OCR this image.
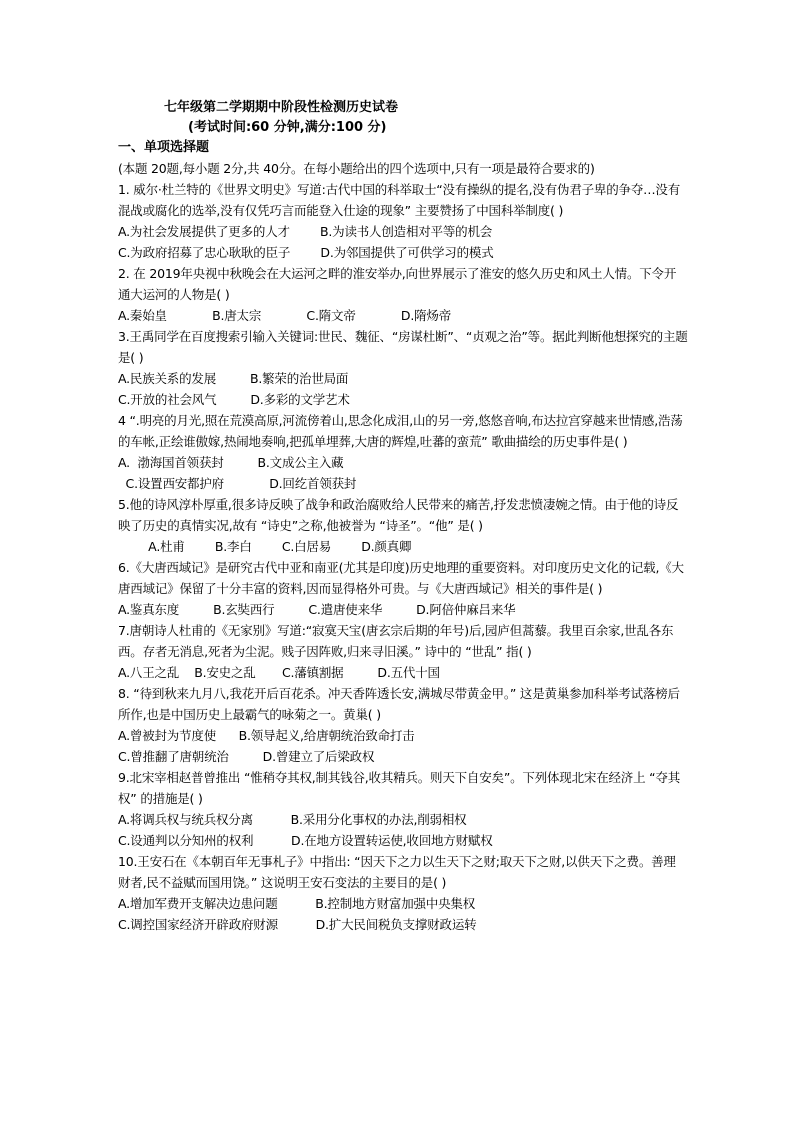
七年级第二学期期中阶段性检测历史试卷
(考试时间:60 分钟,满分:100 分)
一、单项选择题
(本题 20题,每小题 2分,共 40分。在每小题给出的四个选项中,只有一项是最符合要求的)
1. 威尔·杜兰特的《世界文明史》写道:古代中国的科举取士“没有操纵的提名,没有伪君子卑的争夺…没有混战或腐化的选举,没有仅凭巧言而能登入仕途的现象” 主要赞扬了中国科举制度( )
A.为社会发展提供了更多的人才        B.为读书人创造相对平等的机会
C.为政府招募了忠心耿耿的臣子        D.为邻国提供了可供学习的模式
2. 在 2019年央视中秋晚会在大运河之畔的淮安举办,向世界展示了淮安的悠久历史和风土人情。下令开通大运河的人物是( )
A.秦始皇            B.唐太宗            C.隋文帝            D.隋炀帝
3.王禹同学在百度搜索引输入关键词:世民、魏征、“房谋杜断”、“贞观之治”等。据此判断他想探究的主题是( )
A.民族关系的发展         B.繁荣的治世局面
C.开放的社会风气         D.多彩的文学艺术
4 “.明亮的月光,照在荒漠高原,河流傍着山,思念化成泪,山的另一旁,悠悠音响,布达拉宫穿越来世情感,浩荡的车帐,正绘谁傲嫁,热闹地奏响,把孤单埋葬,大唐的辉煌,吐蕃的蛮荒” 歌曲描绘的历史事件是( )
A.  渤海国首领获封         B.文成公主入藏
C.设置西安都护府            D.回纥首领获封
5.他的诗风淳朴厚重,很多诗反映了战争和政治腐败给人民带来的痛苦,抒发悲愤凄婉之情。由于他的诗反映了历史的真情实况,故有 “诗史”之称,他被誉为 “诗圣”。“他” 是( )
A.杜甫        B.李白        C.白居易        D.颜真卿
6.《大唐西域记》是研究古代中亚和南亚(尤其是印度)历史地理的重要资料。对印度历史文化的记载,《大唐西域记》保留了十分丰富的资料,因而显得格外可贵。与《大唐西域记》相关的事件是( )
A.鉴真东度         B.玄奘西行         C.遣唐使来华         D.阿倍仲麻吕来华
7.唐朝诗人杜甫的《无家别》写道:“寂寞天宝(唐玄宗后期的年号)后,园庐但蒿藜。我里百余家,世乱各东西。存者无消息,死者为尘泥。贱子因阵败,归来寻旧溪。” 诗中的 “世乱” 指( )
A.八王之乱    B.安史之乱       C.藩镇割据         D.五代十国
8. “待到秋来九月八,我花开后百花杀。冲天香阵透长安,满城尽带黄金甲。” 这是黄巢参加科举考试落榜后所作,也是中国历史上最霸气的咏菊之一。黄巢( )
A.曾被封为节度使      B.领导起义,给唐朝统治致命打击
C.曾推翻了唐朝统治         D.曾建立了后梁政权
9.北宋宰相赵普曾推出 “惟稍夺其权,制其钱谷,收其精兵。则天下自安矣”。下列体现北宋在经济上 “夺其权” 的措施是( )
A.将调兵权与统兵权分离          B.采用分化事权的办法,削弱相权
C.设通判以分知州的权利          D.在地方设置转运使,收回地方财赋权
10.王安石在《本朝百年无事札子》中指出: “因天下之力以生天下之财;取天下之财,以供天下之费。善理财者,民不益赋而国用饶。” 这说明王安石变法的主要目的是( )
A.增加军费开支解决边患问题          B.控制地方财富加强中央集权
C.调控国家经济开辟政府财源          D.扩大民间税负支撑财政运转
